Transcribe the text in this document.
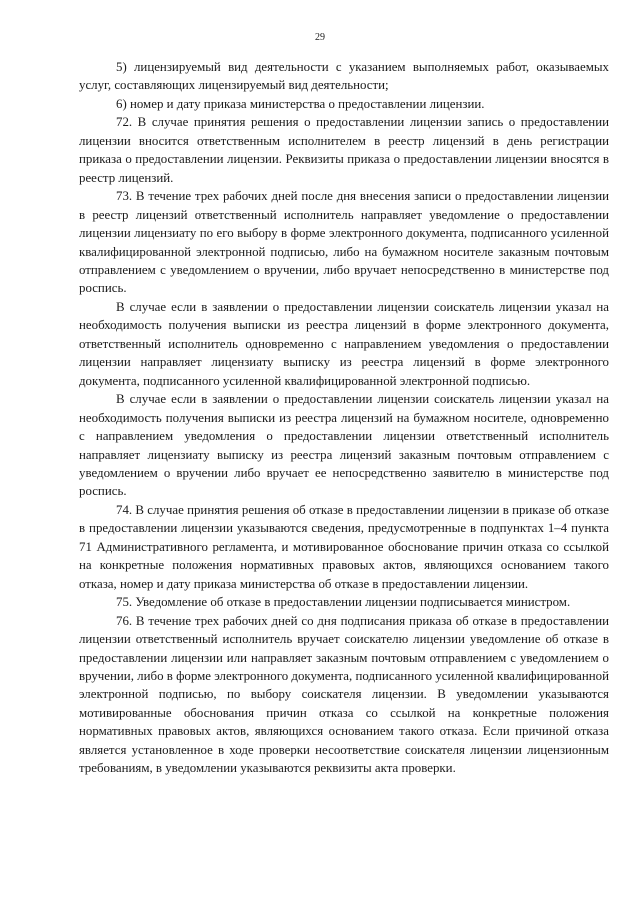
29

5) лицензируемый вид деятельности с указанием выполняемых работ, оказываемых услуг, составляющих лицензируемый вид деятельности;

6) номер и дату приказа министерства о предоставлении лицензии.

72. В случае принятия решения о предоставлении лицензии запись о предоставлении лицензии вносится ответственным исполнителем в реестр лицензий в день регистрации приказа о предоставлении лицензии. Реквизиты приказа о предоставлении лицензии вносятся в реестр лицензий.

73. В течение трех рабочих дней после дня внесения записи о предоставлении лицензии в реестр лицензий ответственный исполнитель направляет уведомление о предоставлении лицензии лицензиату по его выбору в форме электронного документа, подписанного усиленной квалифицированной электронной подписью, либо на бумажном носителе заказным почтовым отправлением с уведомлением о вручении, либо вручает непосредственно в министерстве под роспись.

В случае если в заявлении о предоставлении лицензии соискатель лицензии указал на необходимость получения выписки из реестра лицензий в форме электронного документа, ответственный исполнитель одновременно с направлением уведомления о предоставлении лицензии направляет лицензиату выписку из реестра лицензий в форме электронного документа, подписанного усиленной квалифицированной электронной подписью.

В случае если в заявлении о предоставлении лицензии соискатель лицензии указал на необходимость получения выписки из реестра лицензий на бумажном носителе, одновременно с направлением уведомления о предоставлении лицензии ответственный исполнитель направляет лицензиату выписку из реестра лицензий заказным почтовым отправлением с уведомлением о вручении либо вручает ее непосредственно заявителю в министерстве под роспись.

74. В случае принятия решения об отказе в предоставлении лицензии в приказе об отказе в предоставлении лицензии указываются сведения, предусмотренные в подпунктах 1–4 пункта 71 Административного регламента, и мотивированное обоснование причин отказа со ссылкой на конкретные положения нормативных правовых актов, являющихся основанием такого отказа, номер и дату приказа министерства об отказе в предоставлении лицензии.

75. Уведомление об отказе в предоставлении лицензии подписывается министром.

76. В течение трех рабочих дней со дня подписания приказа об отказе в предоставлении лицензии ответственный исполнитель вручает соискателю лицензии уведомление об отказе в предоставлении лицензии или направляет заказным почтовым отправлением с уведомлением о вручении, либо в форме электронного документа, подписанного усиленной квалифицированной электронной подписью, по выбору соискателя лицензии. В уведомлении указываются мотивированные обоснования причин отказа со ссылкой на конкретные положения нормативных правовых актов, являющихся основанием такого отказа. Если причиной отказа является установленное в ходе проверки несоответствие соискателя лицензии лицензионным требованиям, в уведомлении указываются реквизиты акта проверки.
